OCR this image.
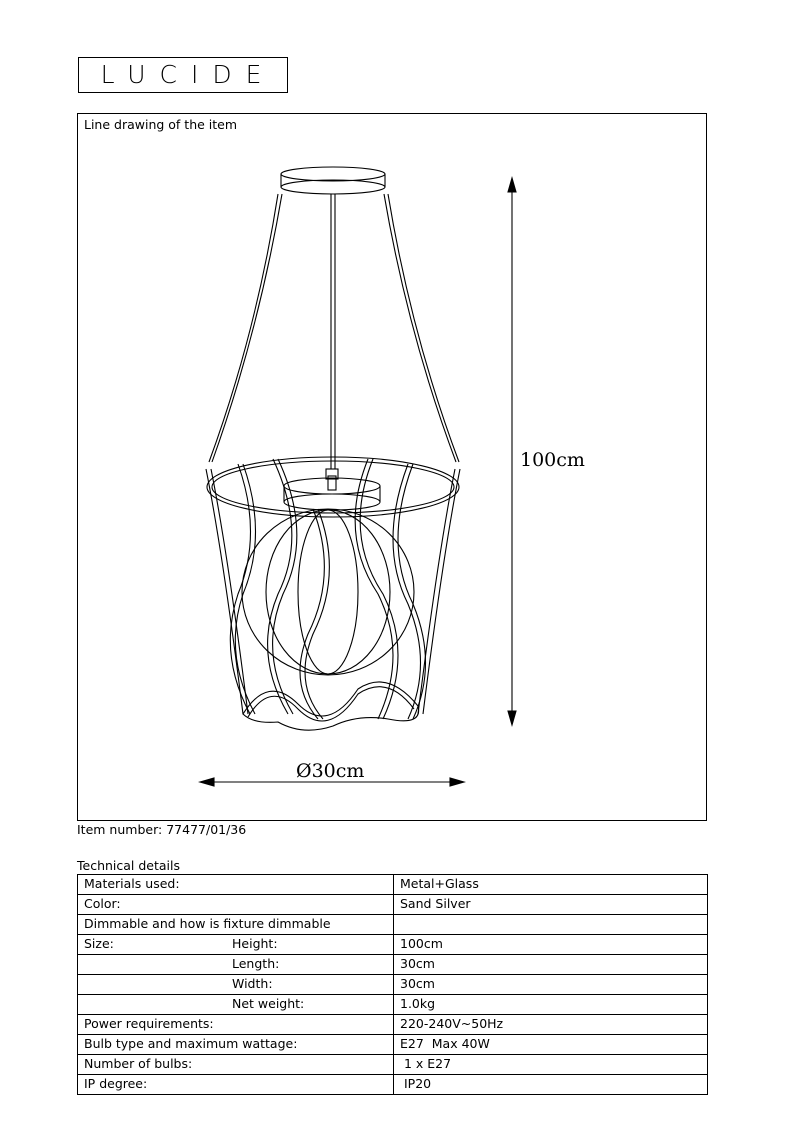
LUCIDE
Line drawing of the item
100cm
Ø30cm
Item number: 77477/01/36
Technical details
Materials used:	Metal+Glass
Color:	Sand Silver
Dimmable and how is fixture dimmable	
Size: Height:	100cm
Length:	30cm
Width:	30cm
Net weight:	1.0kg
Power requirements:	220-240V~50Hz
Bulb type and maximum wattage:	E27  Max 40W
Number of bulbs:	1 x E27
IP degree:	IP20
